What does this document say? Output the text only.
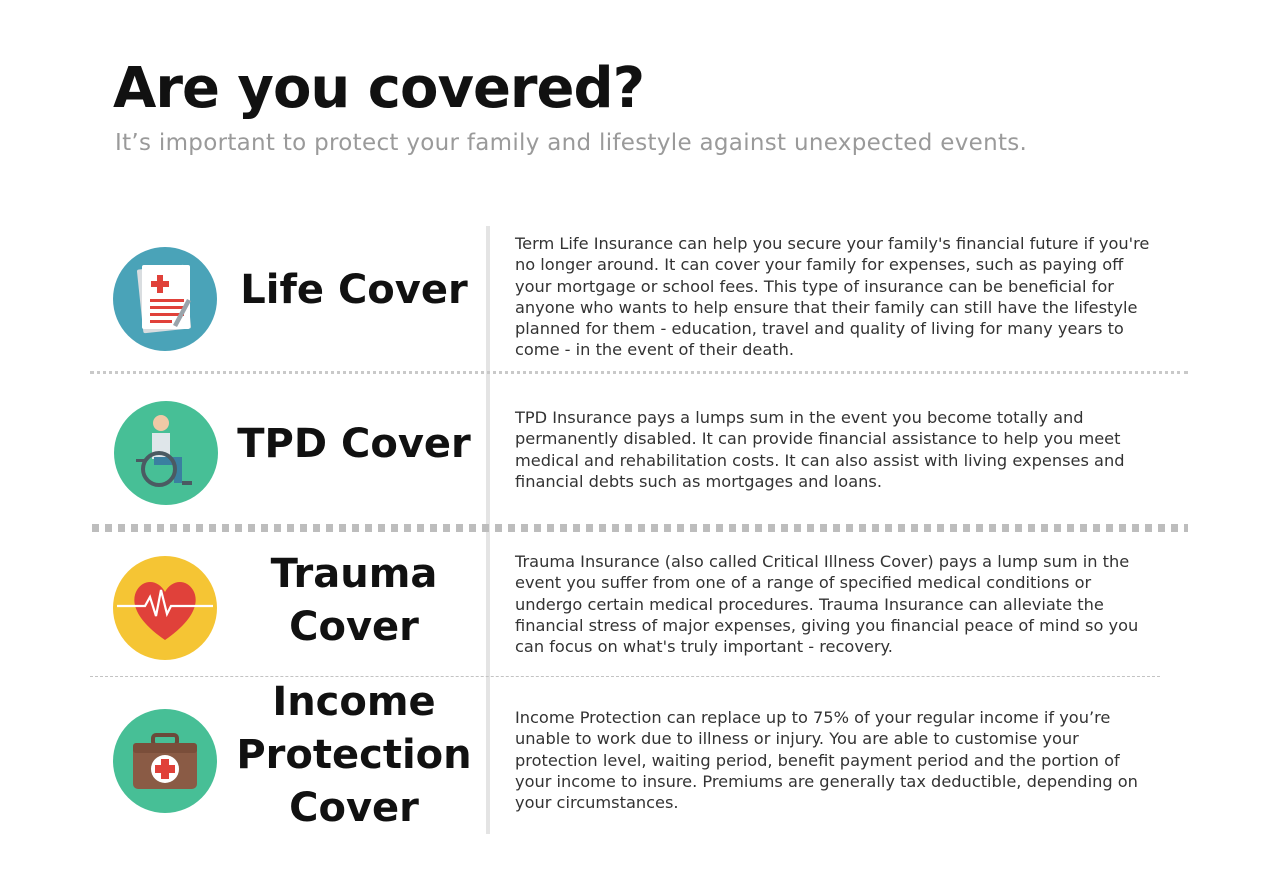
Are you covered?
It’s important to protect your family and lifestyle against unexpected events.
Life Cover
Term Life Insurance can help you secure your family's financial future if you're
no longer around. It can cover your family for expenses, such as paying off
your mortgage or school fees. This type of insurance can be beneficial for
anyone who wants to help ensure that their family can still have the lifestyle
planned for them - education, travel and quality of living for many years to
come - in the event of their death.
TPD Cover
TPD Insurance pays a lumps sum in the event you become totally and
permanently disabled. It can provide financial assistance to help you meet
medical and rehabilitation costs. It can also assist with living expenses and
financial debts such as mortgages and loans.
Trauma Cover
Trauma Insurance (also called Critical Illness Cover) pays a lump sum in the
event you suffer from one of a range of specified medical conditions or
undergo certain medical procedures. Trauma Insurance can alleviate the
financial stress of major expenses, giving you financial peace of mind so you
can focus on what's truly important - recovery.
Income Protection Cover
Income Protection can replace up to 75% of your regular income if you’re
unable to work due to illness or injury. You are able to customise your
protection level, waiting period, benefit payment period and the portion of
your income to insure. Premiums are generally tax deductible, depending on
your circumstances.
